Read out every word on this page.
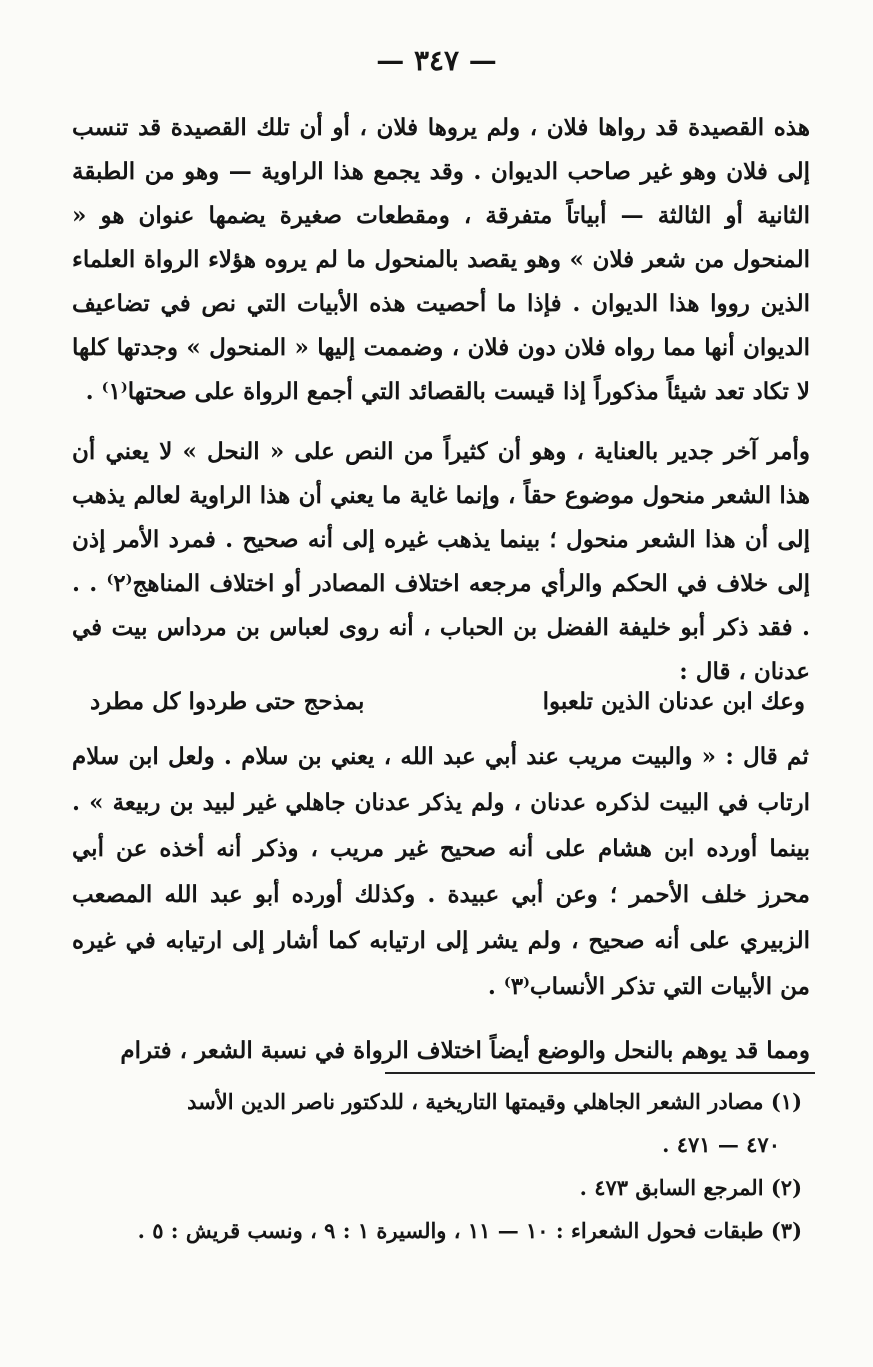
— ٣٤٧ —

هذه القصيدة قد رواها فلان ، ولم يروها فلان ، أو أن تلك القصيدة قد تنسب إلى فلان وهو غير صاحب الديوان . وقد يجمع هذا الراوية — وهو من الطبقة الثانية أو الثالثة — أبياتاً متفرقة ، ومقطعات صغيرة يضمها عنوان هو « المنحول من شعر فلان » وهو يقصد بالمنحول ما لم يروه هؤلاء الرواة العلماء الذين رووا هذا الديوان . فإذا ما أحصيت هذه الأبيات التي نص في تضاعيف الديوان أنها مما رواه فلان دون فلان ، وضممت إليها « المنحول » وجدتها كلها لا تكاد تعد شيئاً مذكوراً إذا قيست بالقصائد التي أجمع الرواة على صحتها⁽١⁾ .

وأمر آخر جدير بالعناية ، وهو أن كثيراً من النص على « النحل » لا يعني أن هذا الشعر منحول موضوع حقاً ، وإنما غاية ما يعني أن هذا الراوية لعالم يذهب إلى أن هذا الشعر منحول ؛ بينما يذهب غيره إلى أنه صحيح . فمرد الأمر إذن إلى خلاف في الحكم والرأي مرجعه اختلاف المصادر أو اختلاف المناهج⁽٢⁾ . . . فقد ذكر أبو خليفة الفضل بن الحباب ، أنه روى لعباس بن مرداس بيت في عدنان ، قال :

وعك ابن عدنان الذين تلعبوا
بمذحج حتى طردوا كل مطرد

ثم قال : « والبيت مريب عند أبي عبد الله ، يعني بن سلام . ولعل ابن سلام ارتاب في البيت لذكره عدنان ، ولم يذكر عدنان جاهلي غير لبيد بن ربيعة » . بينما أورده ابن هشام على أنه صحيح غير مريب ، وذكر أنه أخذه عن أبي محرز خلف الأحمر ؛ وعن أبي عبيدة . وكذلك أورده أبو عبد الله المصعب الزبيري على أنه صحيح ، ولم يشر إلى ارتيابه كما أشار إلى ارتيابه في غيره من الأبيات التي تذكر الأنساب⁽٣⁾ .

ومما قد يوهم بالنحل والوضع أيضاً اختلاف الرواة في نسبة الشعر ، فترام

(١) مصادر الشعر الجاهلي وقيمتها التاريخية ، للدكتور ناصر الدين الأسد

٤٧٠ — ٤٧١ .

(٢) المرجع السابق ٤٧٣ .

(٣) طبقات فحول الشعراء : ١٠ — ١١ ، والسيرة ١ : ٩ ، ونسب قريش : ٥ .
